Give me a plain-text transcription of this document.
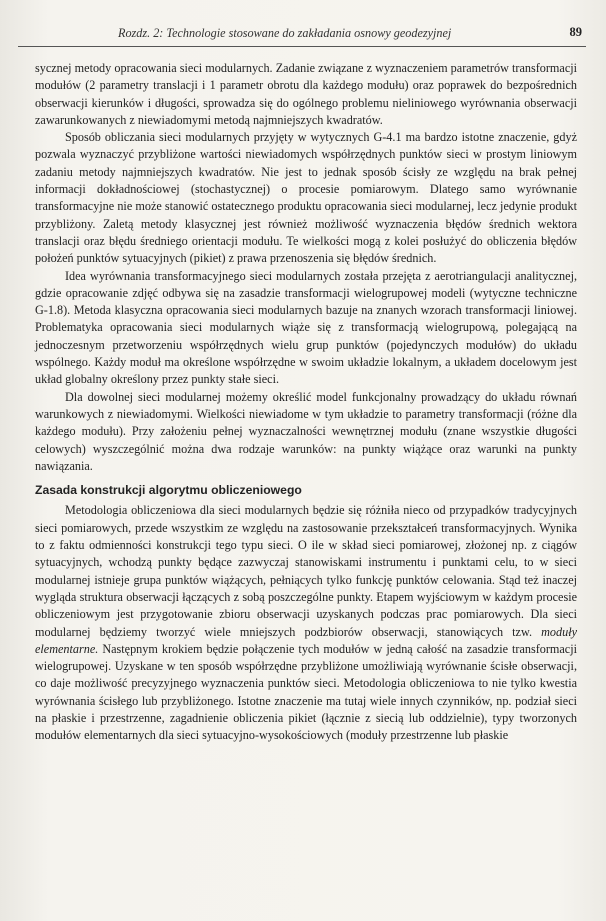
Rozdz. 2: Technologie stosowane do zakładania osnowy geodezyjnej	89

sycznej metody opracowania sieci modularnych. Zadanie związane z wyznaczeniem parametrów transformacji modułów (2 parametry translacji i 1 parametr obrotu dla każdego modułu) oraz poprawek do bezpośrednich obserwacji kierunków i długości, sprowadza się do ogólnego problemu nieliniowego wyrównania obserwacji zawarunkowanych z niewiadomymi metodą najmniejszych kwadratów.

Sposób obliczania sieci modularnych przyjęty w wytycznych G-4.1 ma bardzo istotne znaczenie, gdyż pozwala wyznaczyć przybliżone wartości niewiadomych współrzędnych punktów sieci w prostym liniowym zadaniu metody najmniejszych kwadratów. Nie jest to jednak sposób ścisły ze względu na brak pełnej informacji dokładnościowej (stochastycznej) o procesie pomiarowym. Dlatego samo wyrównanie transformacyjne nie może stanowić ostatecznego produktu opracowania sieci modularnej, lecz jedynie produkt przybliżony. Zaletą metody klasycznej jest również możliwość wyznaczenia błędów średnich wektora translacji oraz błędu średniego orientacji modułu. Te wielkości mogą z kolei posłużyć do obliczenia błędów położeń punktów sytuacyjnych (pikiet) z prawa przenoszenia się błędów średnich.

Idea wyrównania transformacyjnego sieci modularnych została przejęta z aerotriangulacji analitycznej, gdzie opracowanie zdjęć odbywa się na zasadzie transformacji wielogrupowej modeli (wytyczne techniczne G-1.8). Metoda klasyczna opracowania sieci modularnych bazuje na znanych wzorach transformacji liniowej. Problematyka opracowania sieci modularnych wiąże się z transformacją wielogrupową, polegającą na jednoczesnym przetworzeniu współrzędnych wielu grup punktów (pojedynczych modułów) do układu wspólnego. Każdy moduł ma określone współrzędne w swoim układzie lokalnym, a układem docelowym jest układ globalny określony przez punkty stałe sieci.

Dla dowolnej sieci modularnej możemy określić model funkcjonalny prowadzący do układu równań warunkowych z niewiadomymi. Wielkości niewiadome w tym układzie to parametry transformacji (różne dla każdego modułu). Przy założeniu pełnej wyznaczalności wewnętrznej modułu (znane wszystkie długości celowych) wyszczególnić można dwa rodzaje warunków: na punkty wiążące oraz warunki na punkty nawiązania.

Zasada konstrukcji algorytmu obliczeniowego

Metodologia obliczeniowa dla sieci modularnych będzie się różniła nieco od przypadków tradycyjnych sieci pomiarowych, przede wszystkim ze względu na zastosowanie przekształceń transformacyjnych. Wynika to z faktu odmienności konstrukcji tego typu sieci. O ile w skład sieci pomiarowej, złożonej np. z ciągów sytuacyjnych, wchodzą punkty będące zazwyczaj stanowiskami instrumentu i punktami celu, to w sieci modularnej istnieje grupa punktów wiążących, pełniących tylko funkcję punktów celowania. Stąd też inaczej wygląda struktura obserwacji łączących z sobą poszczególne punkty. Etapem wyjściowym w każdym procesie obliczeniowym jest przygotowanie zbioru obserwacji uzyskanych podczas prac pomiarowych. Dla sieci modularnej będziemy tworzyć wiele mniejszych podzbiorów obserwacji, stanowiących tzw. moduły elementarne. Następnym krokiem będzie połączenie tych modułów w jedną całość na zasadzie transformacji wielogrupowej. Uzyskane w ten sposób współrzędne przybliżone umożliwiają wyrównanie ścisłe obserwacji, co daje możliwość precyzyjnego wyznaczenia punktów sieci. Metodologia obliczeniowa to nie tylko kwestia wyrównania ścisłego lub przybliżonego. Istotne znaczenie ma tutaj wiele innych czynników, np. podział sieci na płaskie i przestrzenne, zagadnienie obliczenia pikiet (łącznie z siecią lub oddzielnie), typy tworzonych modułów elementarnych dla sieci sytuacyjno-wysokościowych (moduły przestrzenne lub płaskie
